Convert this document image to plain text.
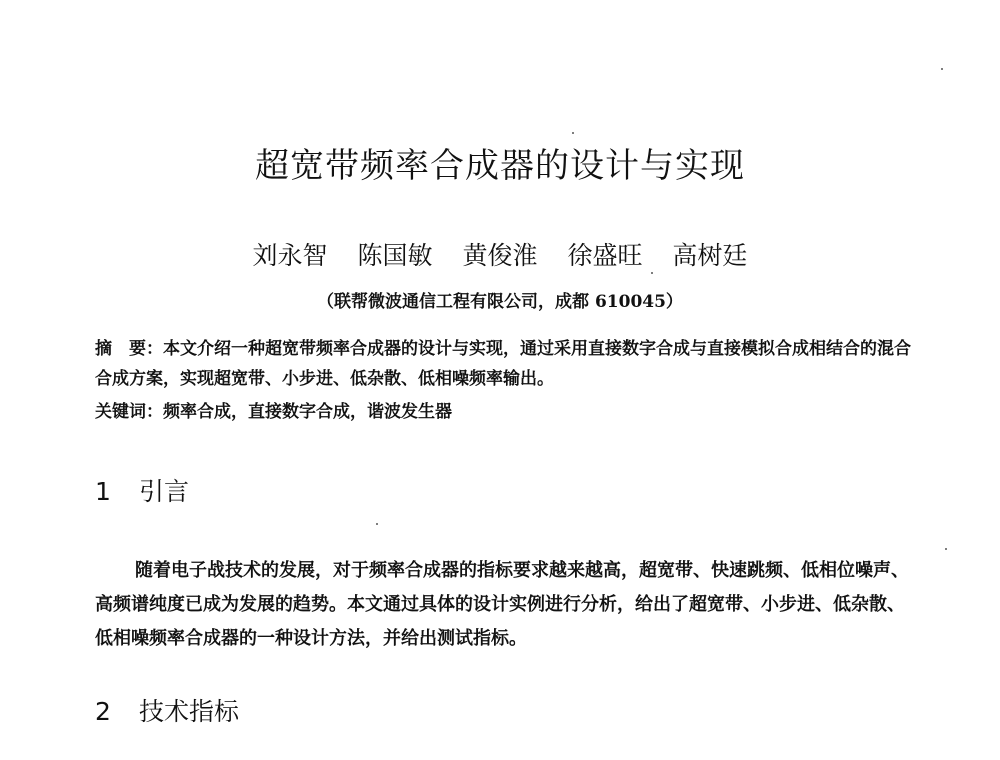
超宽带频率合成器的设计与实现
刘永智 陈国敏 黄俊淮 徐盛旺 高树廷
（联帮微波通信工程有限公司，成都 610045）

摘　要：本文介绍一种超宽带频率合成器的设计与实现，通过采用直接数字合成与直接模拟合成相结合的混合合成方案，实现超宽带、小步进、低杂散、低相噪频率输出。

关键词：频率合成，直接数字合成，谐波发生器

1 引言

随着电子战技术的发展，对于频率合成器的指标要求越来越高，超宽带、快速跳频、低相位噪声、高频谱纯度已成为发展的趋势。本文通过具体的设计实例进行分析，给出了超宽带、小步进、低杂散、低相噪频率合成器的一种设计方法，并给出测试指标。

2 技术指标
